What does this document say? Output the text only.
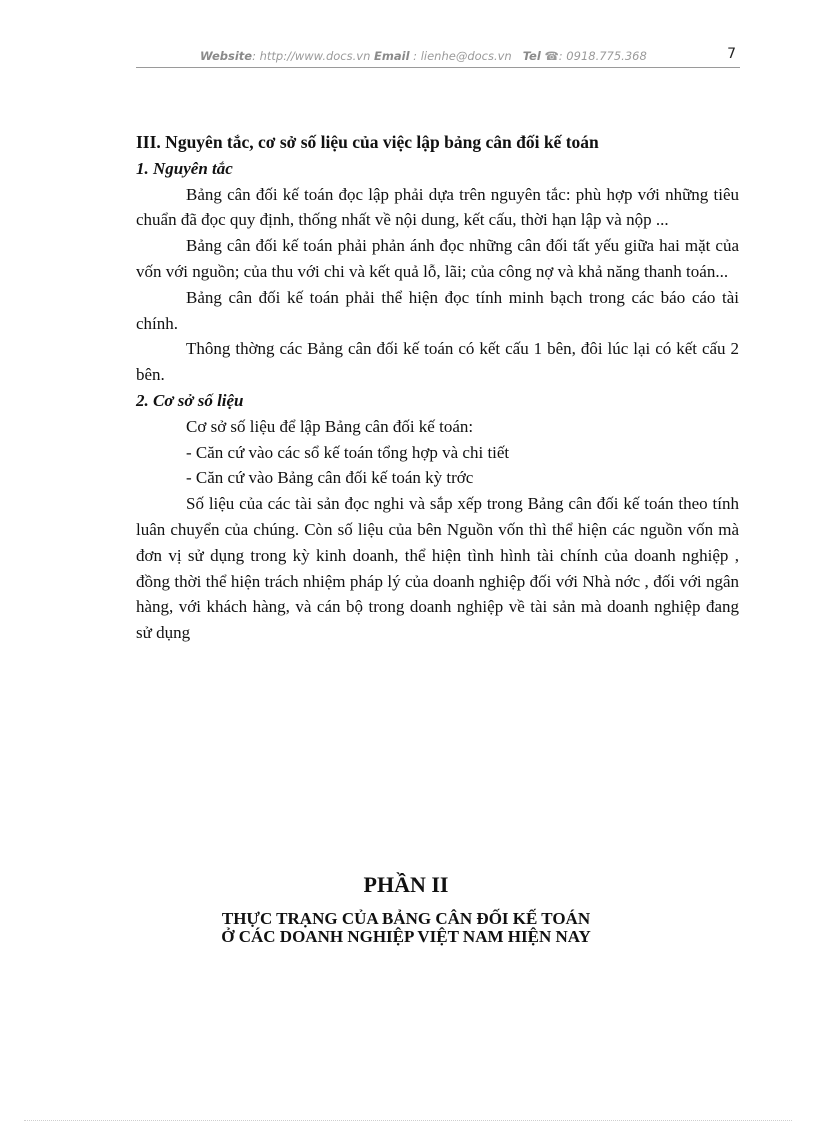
Website: http://www.docs.vn Email : lienhe@docs.vn Tel ☎: 0918.775.368	7

III. Nguyên tắc, cơ sở số liệu của việc lập bảng cân đối kế toán

1. Nguyên tắc

Bảng cân đối kế toán đọc lập phải dựa trên nguyên tắc: phù hợp với những tiêu chuẩn đã đọc quy định, thống nhất về nội dung, kết cấu, thời hạn lập và nộp ...

Bảng cân đối kế toán phải phản ánh đọc những cân đối tất yếu giữa hai mặt của vốn với nguồn; của thu với chi và kết quả lỗ, lãi; của công nợ và khả năng thanh toán...

Bảng cân đối kế toán phải thể hiện đọc tính minh bạch trong các báo cáo tài chính.

Thông thờng các Bảng cân đối kế toán có kết cấu 1 bên, đôi lúc lại có kết cấu 2 bên.

2. Cơ sở số liệu

Cơ sở số liệu để lập Bảng cân đối kế toán:

- Căn cứ vào các sổ kế toán tổng hợp và chi tiết

- Căn cứ vào Bảng cân đối kế toán kỳ trớc

Số liệu của các tài sản đọc nghi và sắp xếp trong Bảng cân đối kế toán theo tính luân chuyển của chúng. Còn số liệu của bên Nguồn vốn thì thể hiện các nguồn vốn mà đơn vị sử dụng trong kỳ kinh doanh, thể hiện tình hình tài chính của doanh nghiệp , đồng thời thể hiện trách nhiệm pháp lý của doanh nghiệp đối với Nhà nớc , đối với ngân hàng, với khách hàng, và cán bộ trong doanh nghiệp về tài sản mà doanh nghiệp đang sử dụng

PHẦN II

THỰC TRẠNG CỦA BẢNG CÂN ĐỐI KẾ TOÁN

Ở CÁC DOANH NGHIỆP VIỆT NAM HIỆN NAY
